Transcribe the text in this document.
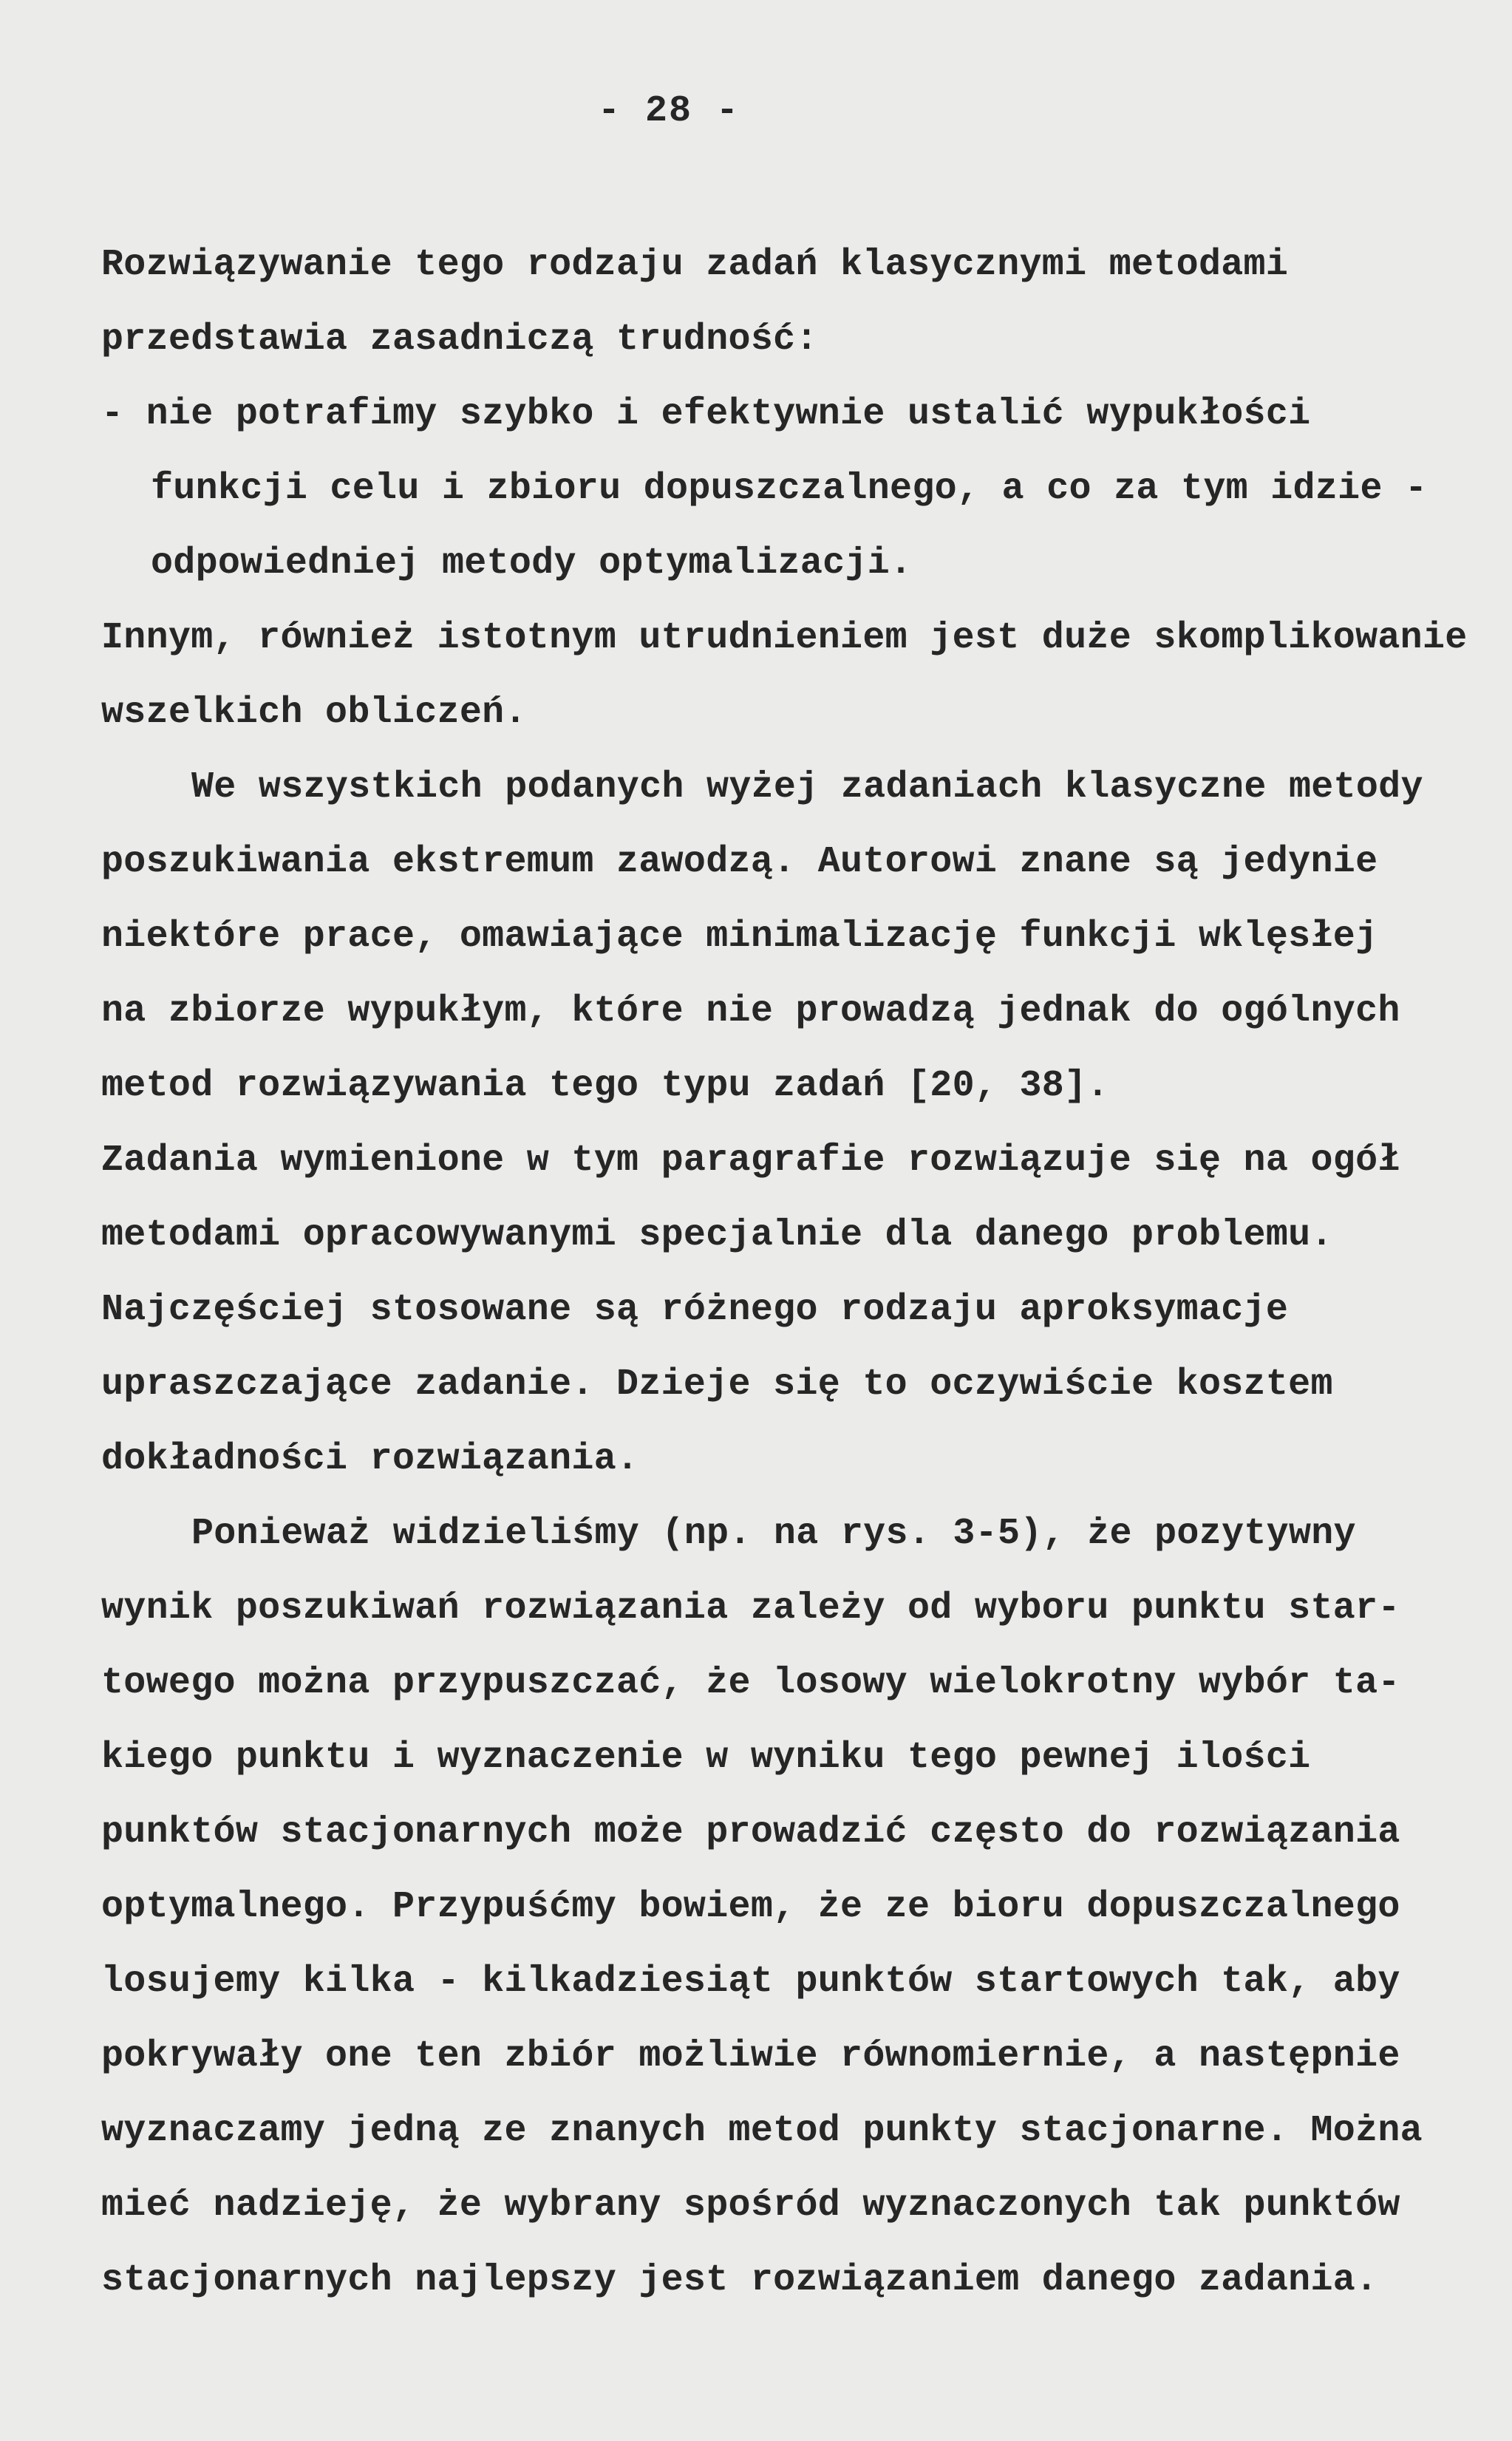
- 28 -
Rozwiązywanie tego rodzaju zadań klasycznymi metodami
przedstawia zasadniczą trudność:
- nie potrafimy szybko i efektywnie ustalić wypukłości
funkcji celu i zbioru dopuszczalnego, a co za tym idzie -
odpowiedniej metody optymalizacji.
Innym, również istotnym utrudnieniem jest duże skomplikowanie
wszelkich obliczeń.
We wszystkich podanych wyżej zadaniach klasyczne metody
poszukiwania ekstremum zawodzą. Autorowi znane są jedynie
niektóre prace, omawiające minimalizację funkcji wklęsłej
na zbiorze wypukłym, które nie prowadzą jednak do ogólnych
metod rozwiązywania tego typu zadań [20, 38].
Zadania wymienione w tym paragrafie rozwiązuje się na ogół
metodami opracowywanymi specjalnie dla danego problemu.
Najczęściej stosowane są różnego rodzaju aproksymacje
upraszczające zadanie. Dzieje się to oczywiście kosztem
dokładności rozwiązania.
Ponieważ widzieliśmy (np. na rys. 3-5), że pozytywny
wynik poszukiwań rozwiązania zależy od wyboru punktu star-
towego można przypuszczać, że losowy wielokrotny wybór ta-
kiego punktu i wyznaczenie w wyniku tego pewnej ilości
punktów stacjonarnych może prowadzić często do rozwiązania
optymalnego. Przypuśćmy bowiem, że ze bioru dopuszczalnego
losujemy kilka - kilkadziesiąt punktów startowych tak, aby
pokrywały one ten zbiór możliwie równomiernie, a następnie
wyznaczamy jedną ze znanych metod punkty stacjonarne. Można
mieć nadzieję, że wybrany spośród wyznaczonych tak punktów
stacjonarnych najlepszy jest rozwiązaniem danego zadania.
